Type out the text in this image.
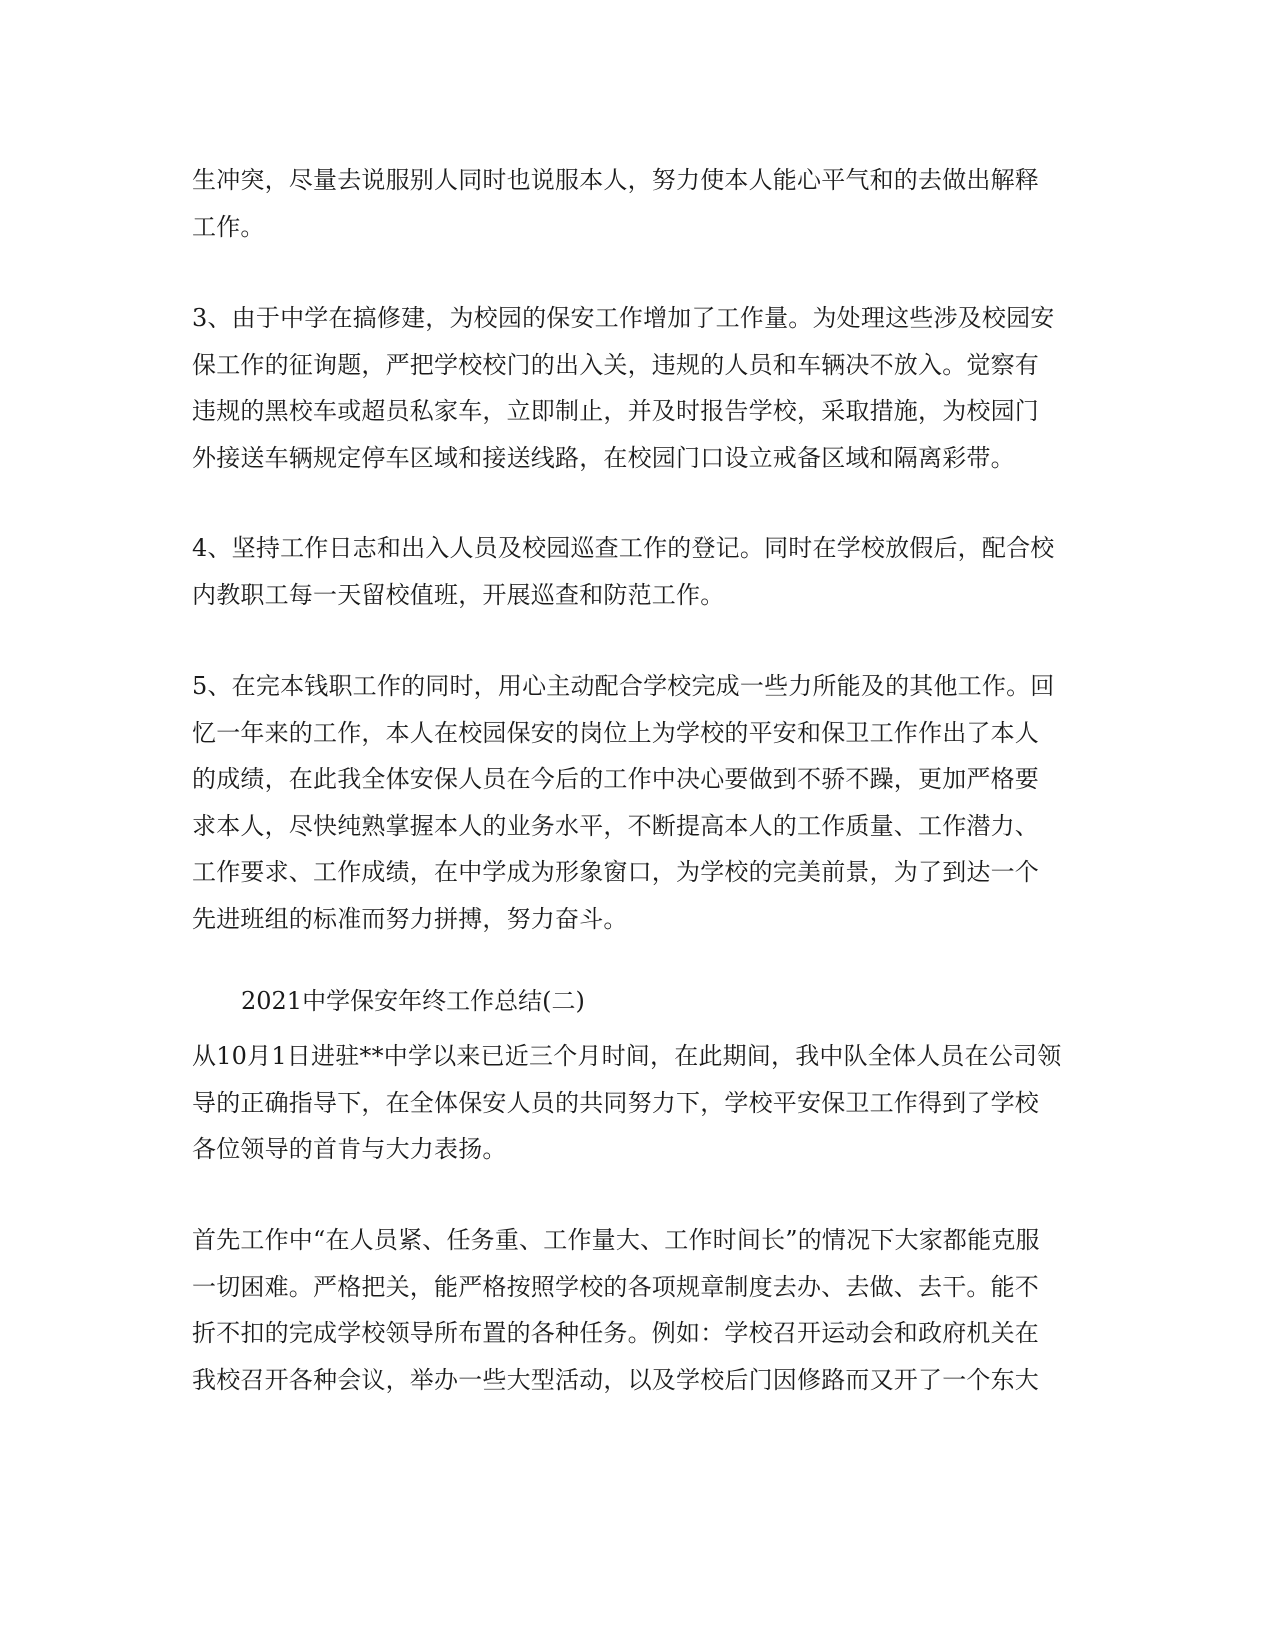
生冲突，尽量去说服别人同时也说服本人，努力使本人能心平气和的去做出解释
工作。

3、由于中学在搞修建，为校园的保安工作增加了工作量。为处理这些涉及校园安
保工作的征询题，严把学校校门的出入关，违规的人员和车辆决不放入。觉察有
违规的黑校车或超员私家车，立即制止，并及时报告学校，采取措施，为校园门
外接送车辆规定停车区域和接送线路，在校园门口设立戒备区域和隔离彩带。

4、坚持工作日志和出入人员及校园巡查工作的登记。同时在学校放假后，配合校
内教职工每一天留校值班，开展巡查和防范工作。

5、在完本钱职工作的同时，用心主动配合学校完成一些力所能及的其他工作。回
忆一年来的工作，本人在校园保安的岗位上为学校的平安和保卫工作作出了本人
的成绩，在此我全体安保人员在今后的工作中决心要做到不骄不躁，更加严格要
求本人，尽快纯熟掌握本人的业务水平，不断提高本人的工作质量、工作潜力、
工作要求、工作成绩，在中学成为形象窗口，为学校的完美前景，为了到达一个
先进班组的标准而努力拼搏，努力奋斗。

2021中学保安年终工作总结(二)

从10月1日进驻**中学以来已近三个月时间，在此期间，我中队全体人员在公司领
导的正确指导下，在全体保安人员的共同努力下，学校平安保卫工作得到了学校
各位领导的首肯与大力表扬。

首先工作中“在人员紧、任务重、工作量大、工作时间长”的情况下大家都能克服
一切困难。严格把关，能严格按照学校的各项规章制度去办、去做、去干。能不
折不扣的完成学校领导所布置的各种任务。例如：学校召开运动会和政府机关在
我校召开各种会议，举办一些大型活动，以及学校后门因修路而又开了一个东大
